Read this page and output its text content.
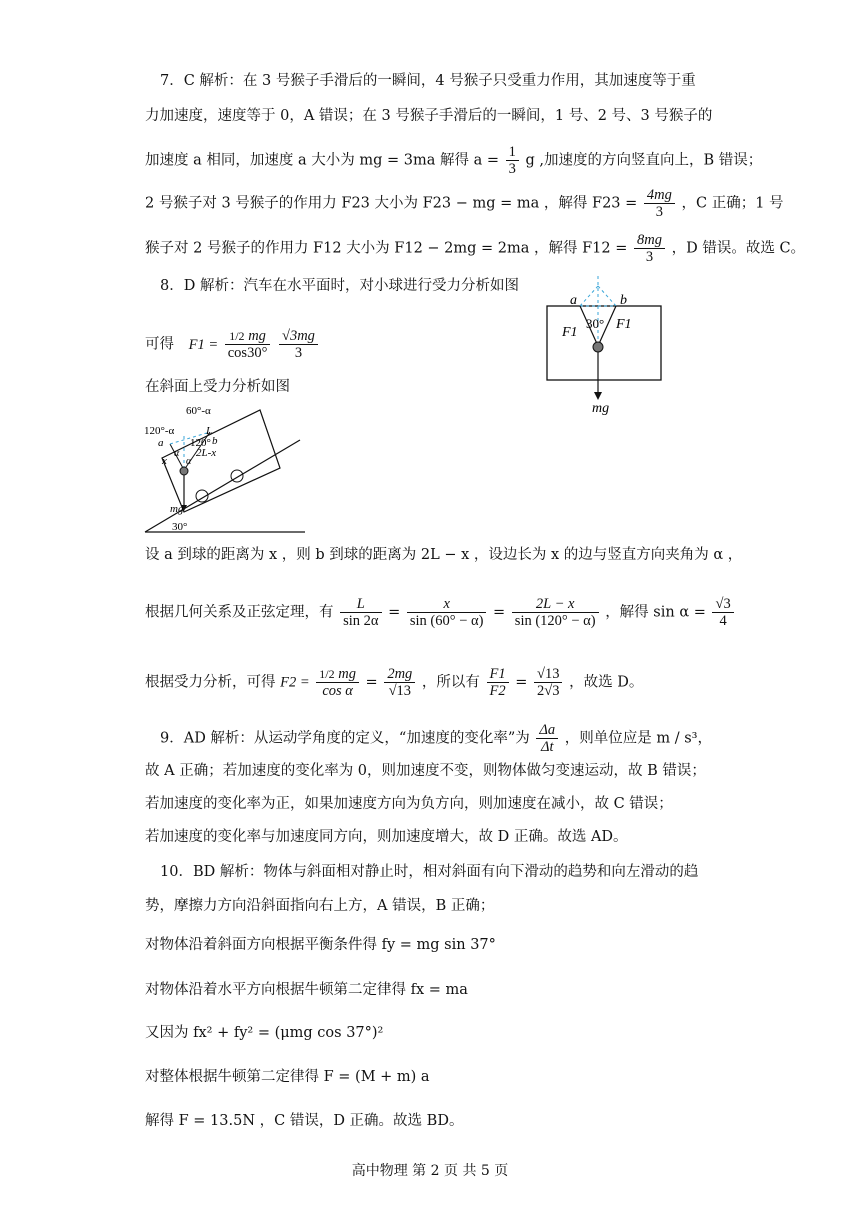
7．C 解析：在 3 号猴子手滑后的一瞬间，4 号猴子只受重力作用，其加速度等于重
力加速度，速度等于 0，A 错误；在 3 号猴子手滑后的一瞬间，1 号、2 号、3 号猴子的
加速度 a 相同，加速度 a 大小为 mg = 3ma 解得 $a = \frac{1}{3}$ g ,加速度的方向竖直向上，B 错误；
2 号猴子对 3 号猴子的作用力 F23 大小为 F23 − mg = ma ，解得 $F23 = \frac{4mg}{3}$ ，C 正确；1 号
猴子对 2 号猴子的作用力 F12 大小为 F12 − 2mg = 2ma ，解得 $F12 = \frac{8mg}{3}$ ，D 错误。故选 C。
8．D 解析：汽车在水平面时，对小球进行受力分析如图
可得 $F1 = \frac{1/2 mg}{\cos 30^\circ}$
$\frac{√3mg}{3}$
在斜面上受力分析如图
a	b
30°
F1
F1
mg
60°-α
120°-α	L
b
120°
2L-x
a
α
x α
mg
30°
设 a 到球的距离为 x ，则 b 到球的距离为 2L − x ，设边长为 x 的边与竖直方向夹角为 α ，
根据几何关系及正弦定理，有 $\frac{L}{\sin 2\alpha} = \frac{x}{\sin (60^\circ - \alpha)} = \frac{2L - x}{\sin (120^\circ - \alpha)}$ ，解得 $\sin \alpha = \frac{√3}{4}$
根据受力分析，可得 $F2 = \frac{1/2 mg}{\text{cos α}} = \frac{2mg}{√13}$ ，所以有 $\frac{F1}{F2} = \frac{√13}{2√3}$ ，故选 D。
9．AD 解析：从运动学角度的定义，“加速度的变化率”为 $\frac{\Delta a}{\Delta t}$ ，则单位应是 m / s³，
故 A 正确；若加速度的变化率为 0，则加速度不变，则物体做匀变速运动，故 B 错误；
若加速度的变化率为正，如果加速度方向为负方向，则加速度在减小，故 C 错误；
若加速度的变化率与加速度同方向，则加速度增大，故 D 正确。故选 AD。
10．BD 解析：物体与斜面相对静止时，相对斜面有向下滑动的趋势和向左滑动的趋
势，摩擦力方向沿斜面指向右上方，A 错误，B 正确；
对物体沿着斜面方向根据平衡条件得 fy = mg sin 37°
对物体沿着水平方向根据牛顿第二定律得 fx = ma
又因为 fx² + fy² = (μmg cos 37°)²
对整体根据牛顿第二定律得 F = (M + m) a
解得 F = 13.5N ，C 错误，D 正确。故选 BD。
高中物理 第 2 页 共 5 页
